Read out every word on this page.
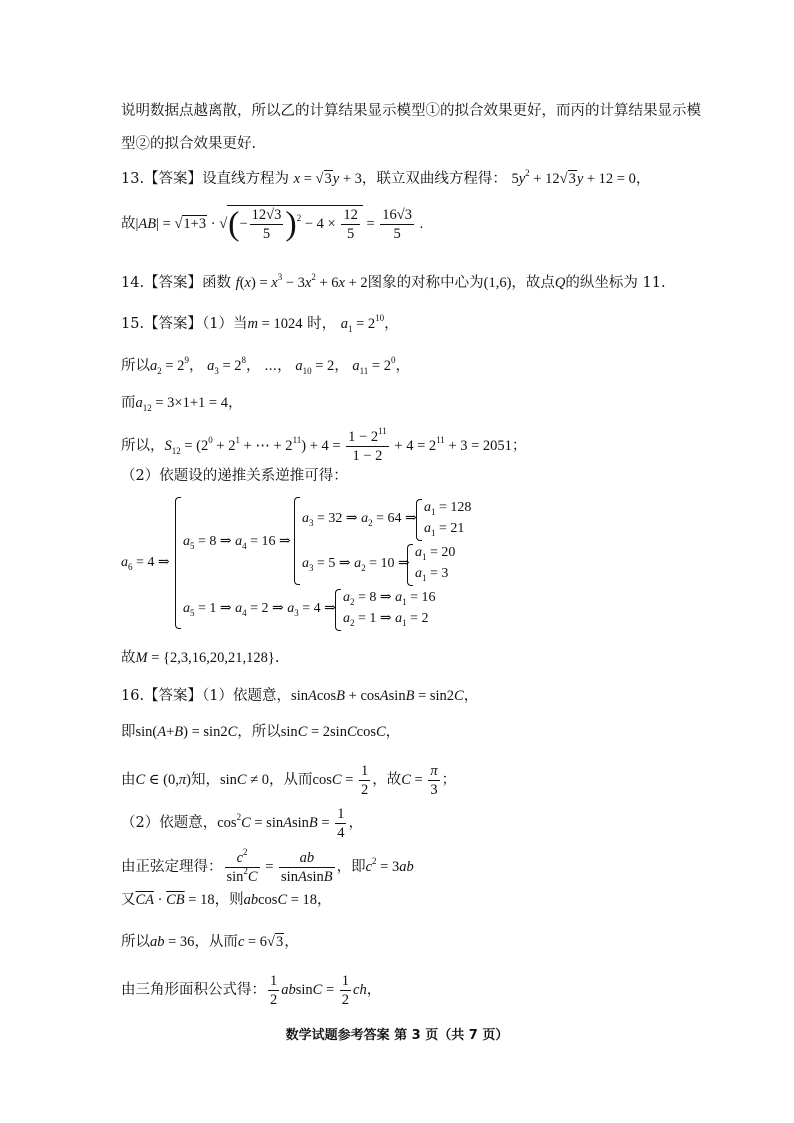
说明数据点越离散，所以乙的计算结果显示模型①的拟合效果更好，而丙的计算结果显示模
型②的拟合效果更好.
13.【答案】设直线方程为 x = √3y + 3，联立双曲线方程得： $5y^2 + 12√3y + 12 = 0$，
故|AB| = √1+3 · √(− $\frac{12√3}{5} )^2 - 4 \times \frac{12}{5} = \frac{16√3}{5}$ .
14.【答案】函数 $f(x) = x^3 - 3x^2 + 6x + 2$图象的对称中心为(1,6)，故点Q的纵坐标为 11.
15.【答案】（1）当m = 1024 时， $a_1 = 2^{10}$，
所以$a_2 = 2^9$， $a_3 = 2^8$， ⋯， $a_{10} = 2$， $a_{11} = 2^0$，
而$a_{12} = 3\times 1+1 = 4$，
所以，$S_{12} = (2^0 + 2^1$ + ⋯ + $2^{11}) + 4 = \frac{1 - 2^{11}}{1 - 2} + 4 = 2^{11} + 3 = 2051$；
（2）依题设的递推关系逆推可得：
$a_6 = 4$ ⇒
$a_5 = 8$ ⇒ $a_4 = 16$ ⇒
$a_3 = 32$ ⇒ $a_2 = 64$ ⇒
$a_1 = 128$
$a_1 = 21$
$a_3 = 5$ ⇒ $a_2 = 10$ ⇒
$a_1 = 20$
$a_1 = 3$
$a_5 = 1$ ⇒ $a_4 = 2$ ⇒ $a_3 = 4$ ⇒
$a_2 = 8$ ⇒ $a_1 = 16$
$a_2 = 1$ ⇒ $a_1 = 2$
故M = {2,3,16,20,21,128}.
16.【答案】（1）依题意，sinAcosB + cosAsinB = sin2C，
即sin(A+B) = sin2C，所以sinC = 2sinCcosC，
由C ∈ (0,π)知，sinC ≠ 0，从而$\cos C = \frac{1}{2}$ ，故$C = \frac{\pi}{3}$ ；
（2）依题意，$\cos^2C$ = sinAsinB = $\frac{1}{4}$ ，
由正弦定理得： $\frac{c^2}{\sin^2C} = \frac{ab}{\text{sinAsinB}}$ ，即$c^2 = 3ab$
又$\overline{CA} \cdot \overline{CB} = 18$，则abcosC = 18，
所以ab = 36，从而c = 6√3，
由三角形面积公式得： $\frac{1}{2}$ $absinC = \frac{1}{2}$ ch，
数学试题参考答案 第 3 页（共 7 页）
